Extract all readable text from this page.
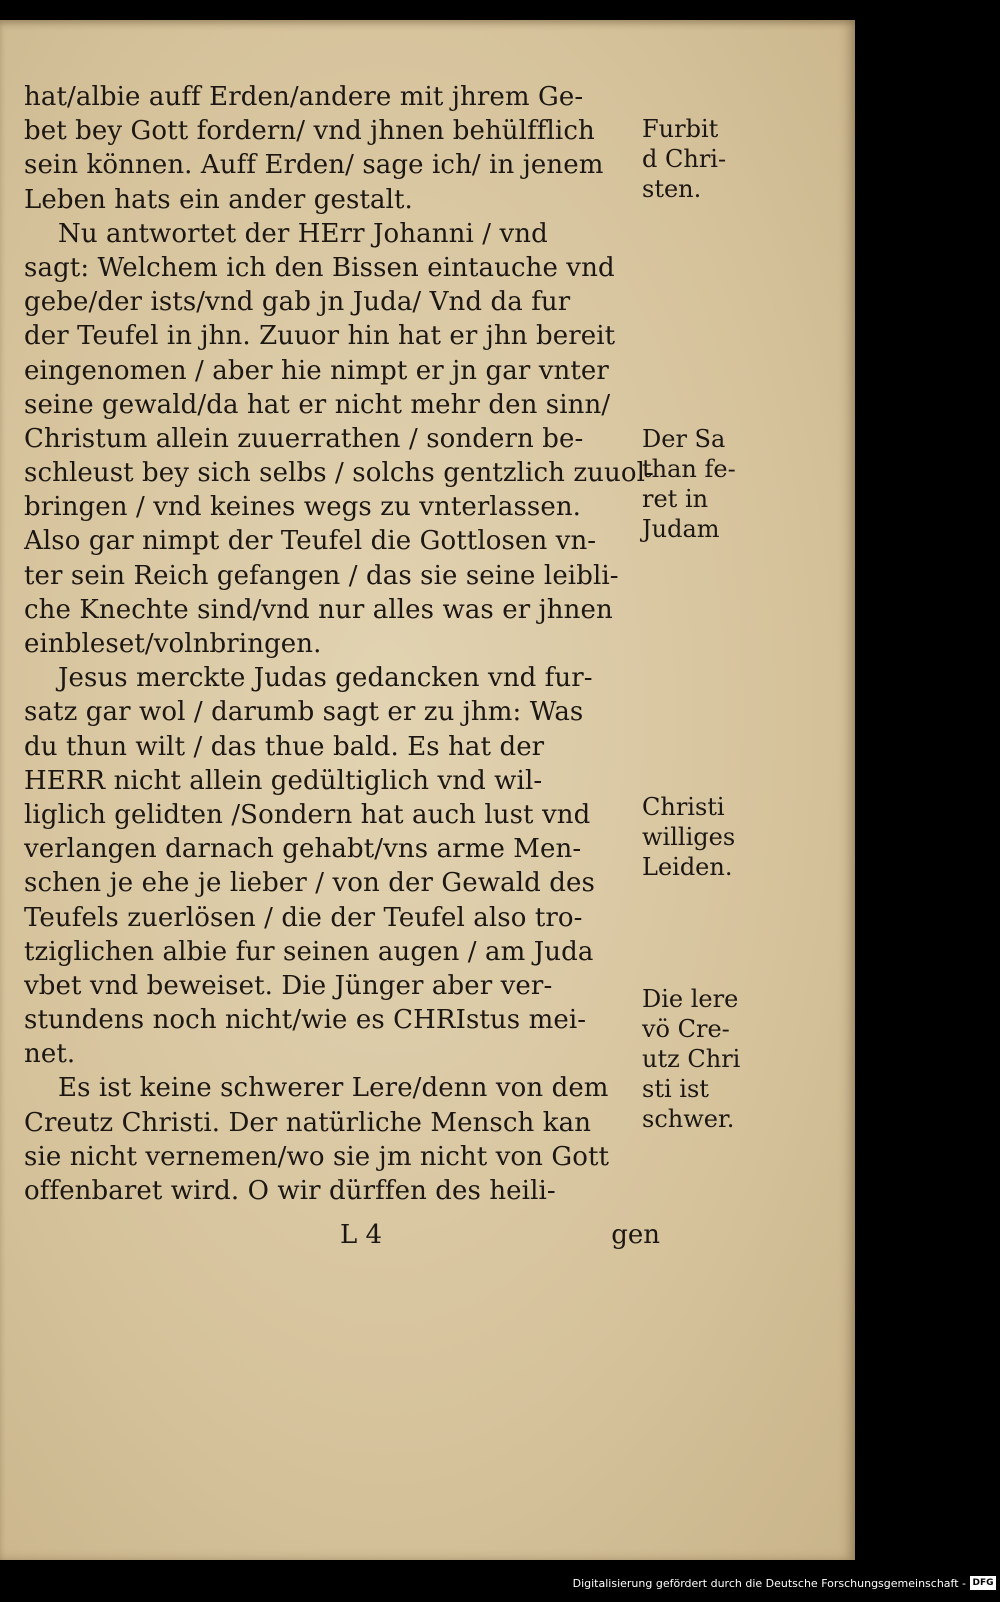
hat/albie auff Erden/andere mit jhrem Ge-
bet bey Gott fordern/ vnd jhnen behülfflich
sein können. Auff Erden/ sage ich/ in jenem
Leben hats ein ander gestalt.
Nu antwortet der HErr Johanni / vnd
sagt: Welchem ich den Bissen eintauche vnd
gebe/der ists/vnd gab jn Juda/ Vnd da fur
der Teufel in jhn. Zuuor hin hat er jhn bereit
eingenomen / aber hie nimpt er jn gar vnter
seine gewald/da hat er nicht mehr den sinn/
Christum allein zuuerrathen / sondern be-
schleust bey sich selbs / solchs gentzlich zuuol-
bringen / vnd keines wegs zu vnterlassen.
Also gar nimpt der Teufel die Gottlosen vn-
ter sein Reich gefangen / das sie seine leibli-
che Knechte sind/vnd nur alles was er jhnen
einbleset/volnbringen.
Jesus merckte Judas gedancken vnd fur-
satz gar wol / darumb sagt er zu jhm: Was
du thun wilt / das thue bald. Es hat der
HERR nicht allein gedültiglich vnd wil-
liglich gelidten /Sondern hat auch lust vnd
verlangen darnach gehabt/vns arme Men-
schen je ehe je lieber / von der Gewald des
Teufels zuerlösen / die der Teufel also tro-
tziglichen albie fur seinen augen / am Juda
vbet vnd beweiset. Die Jünger aber ver-
stundens noch nicht/wie es CHRIstus mei-
net.
Es ist keine schwerer Lere/denn von dem
Creutz Christi. Der natürliche Mensch kan
sie nicht vernemen/wo sie jm nicht von Gott
offenbaret wird. O wir dürffen des heili-
Furbit
d Chri-
sten.
Der Sa
than fe-
ret in
Judam
Christi
williges
Leiden.
Die lere
vö Cre-
utz Chri
sti ist
schwer.
L 4	gen
Digitalisierung gefördert durch die Deutsche Forschungsgemeinschaft - DFG
